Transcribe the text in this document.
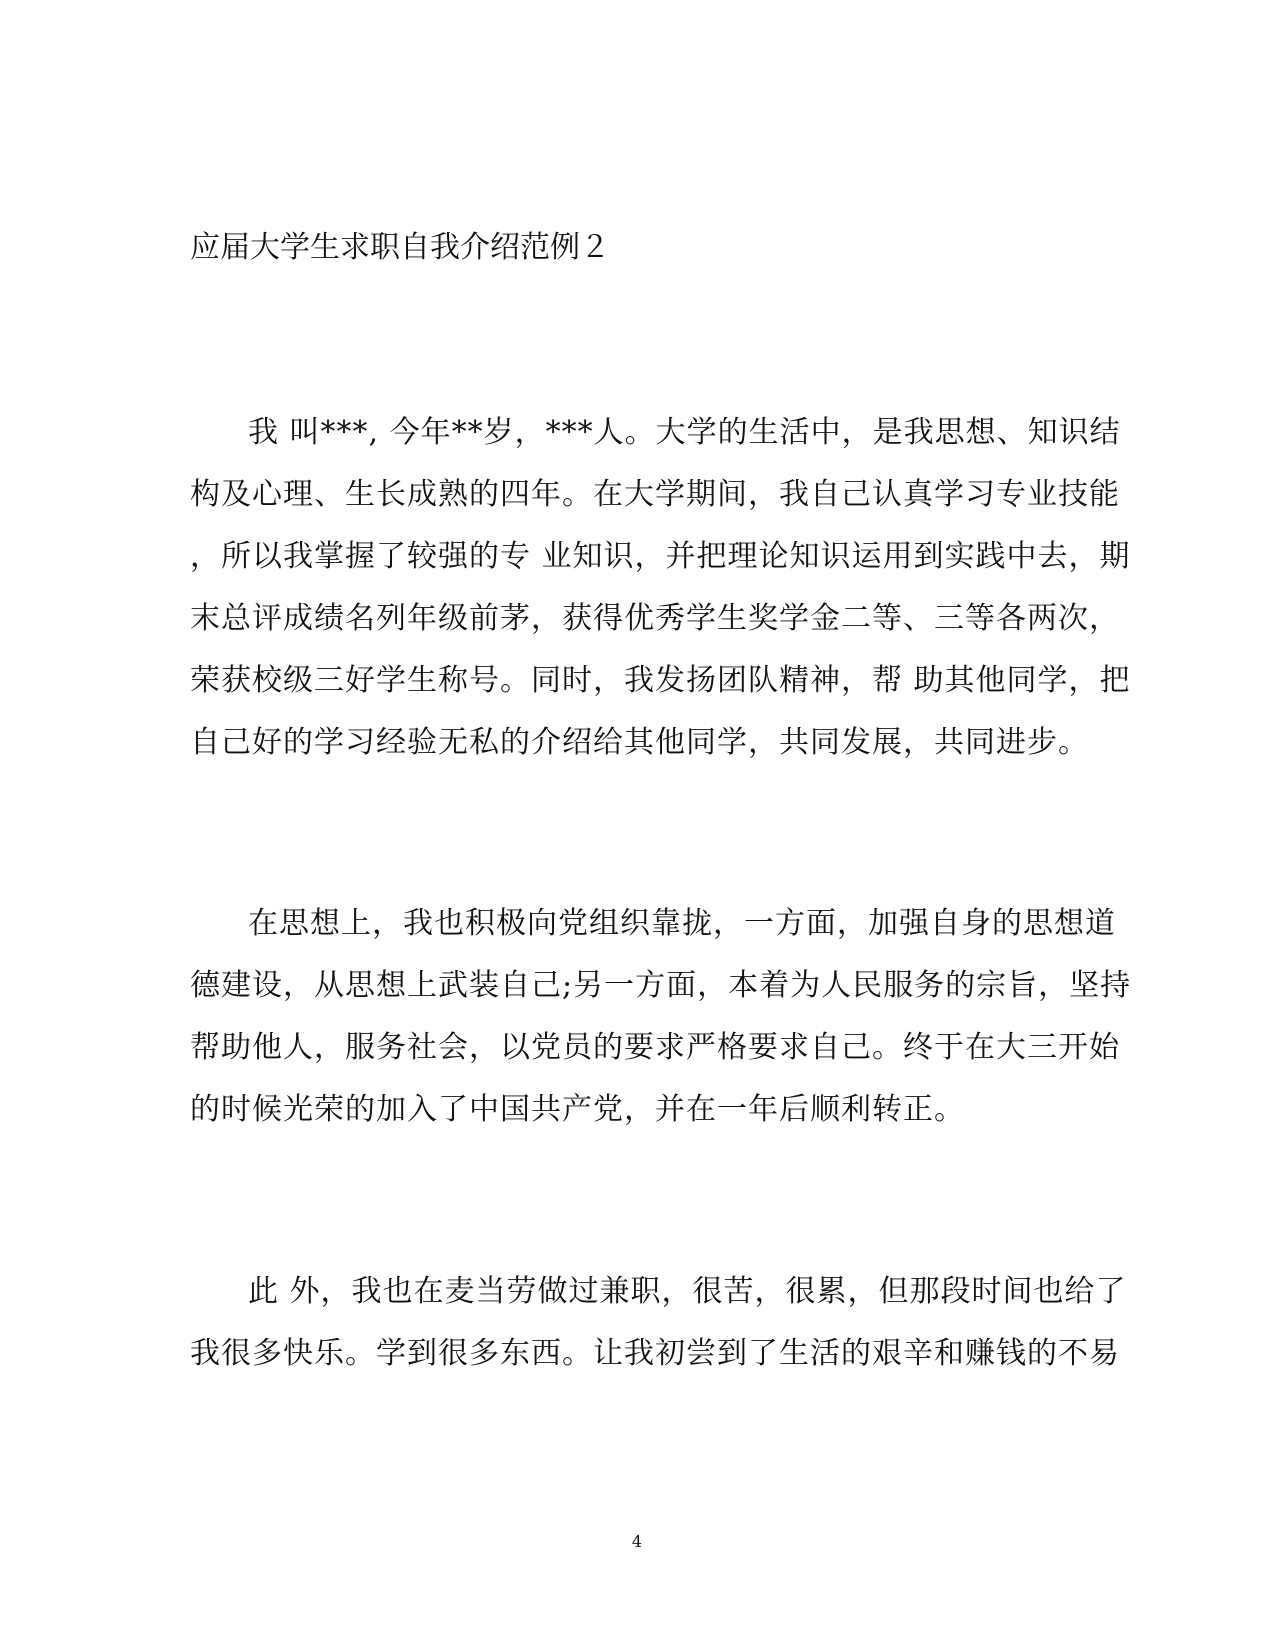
应届大学生求职自我介绍范例２
我 叫***, 今年**岁，***人。大学的生活中，是我思想、知识结
构及心理、生长成熟的四年。在大学期间，我自己认真学习专业技能
，所以我掌握了较强的专 业知识，并把理论知识运用到实践中去，期
末总评成绩名列年级前茅，获得优秀学生奖学金二等、三等各两次，
荣获校级三好学生称号。同时，我发扬团队精神，帮 助其他同学，把
自己好的学习经验无私的介绍给其他同学，共同发展，共同进步。
在思想上，我也积极向党组织靠拢，一方面，加强自身的思想道
德建设，从思想上武装自己;另一方面，本着为人民服务的宗旨，坚持
帮助他人，服务社会，以党员的要求严格要求自己。终于在大三开始
的时候光荣的加入了中国共产党，并在一年后顺利转正。
此 外，我也在麦当劳做过兼职，很苦，很累，但那段时间也给了
我很多快乐。学到很多东西。让我初尝到了生活的艰辛和赚钱的不易
4
